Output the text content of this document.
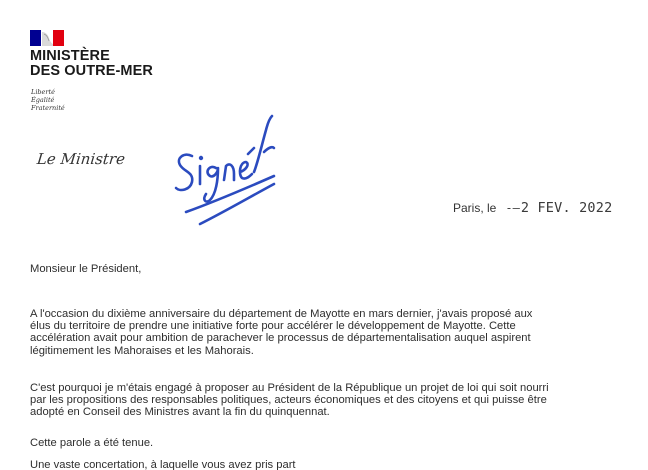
MINISTÈRE
DES OUTRE-MER
Liberté
Égalité
Fraternité
Le Ministre
Paris, le -–2 FEV. 2022
Monsieur le Président,
A l'occasion du dixième anniversaire du département de Mayotte en mars dernier, j'avais proposé aux
élus du territoire de prendre une initiative forte pour accélérer le développement de Mayotte. Cette
accélération avait pour ambition de parachever le processus de départementalisation auquel aspirent
légitimement les Mahoraises et les Mahorais.
C'est pourquoi je m'étais engagé à proposer au Président de la République un projet de loi qui soit nourri
par les propositions des responsables politiques, acteurs économiques et des citoyens et qui puisse être
adopté en Conseil des Ministres avant la fin du quinquennat.
Cette parole a été tenue.
Une vaste concertation, à laquelle vous avez pris part
